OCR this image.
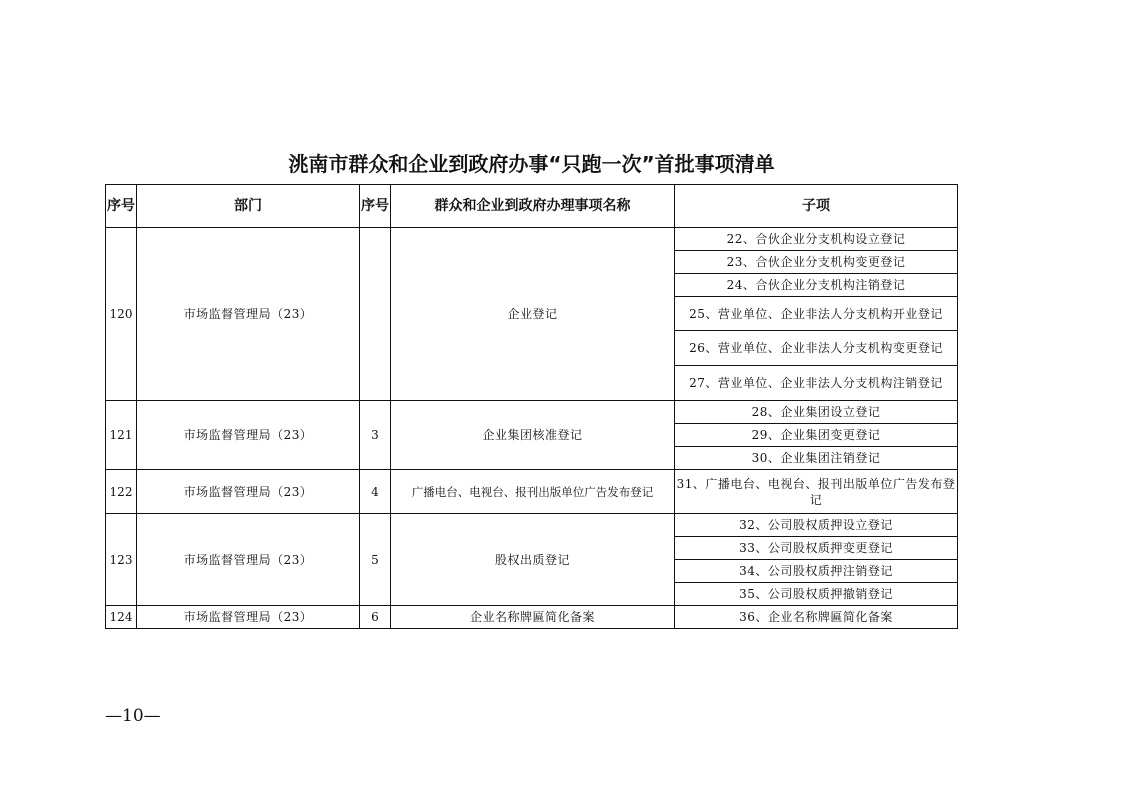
洮南市群众和企业到政府办事“只跑一次”首批事项清单
序号	部门	序号	群众和企业到政府办理事项名称	子项
120	市场监督管理局（23）		企业登记	22、合伙企业分支机构设立登记
				23、合伙企业分支机构变更登记
				24、合伙企业分支机构注销登记
				25、营业单位、企业非法人分支机构开业登记
				26、营业单位、企业非法人分支机构变更登记
				27、营业单位、企业非法人分支机构注销登记
121	市场监督管理局（23）	3	企业集团核准登记	28、企业集团设立登记
				29、企业集团变更登记
				30、企业集团注销登记
122	市场监督管理局（23）	4	广播电台、电视台、报刊出版单位广告发布登记	31、广播电台、电视台、报刊出版单位广告发布登记
123	市场监督管理局（23）	5	股权出质登记	32、公司股权质押设立登记
				33、公司股权质押变更登记
				34、公司股权质押注销登记
				35、公司股权质押撤销登记
124	市场监督管理局（23）	6	企业名称牌匾简化备案	36、企业名称牌匾简化备案
—10—
